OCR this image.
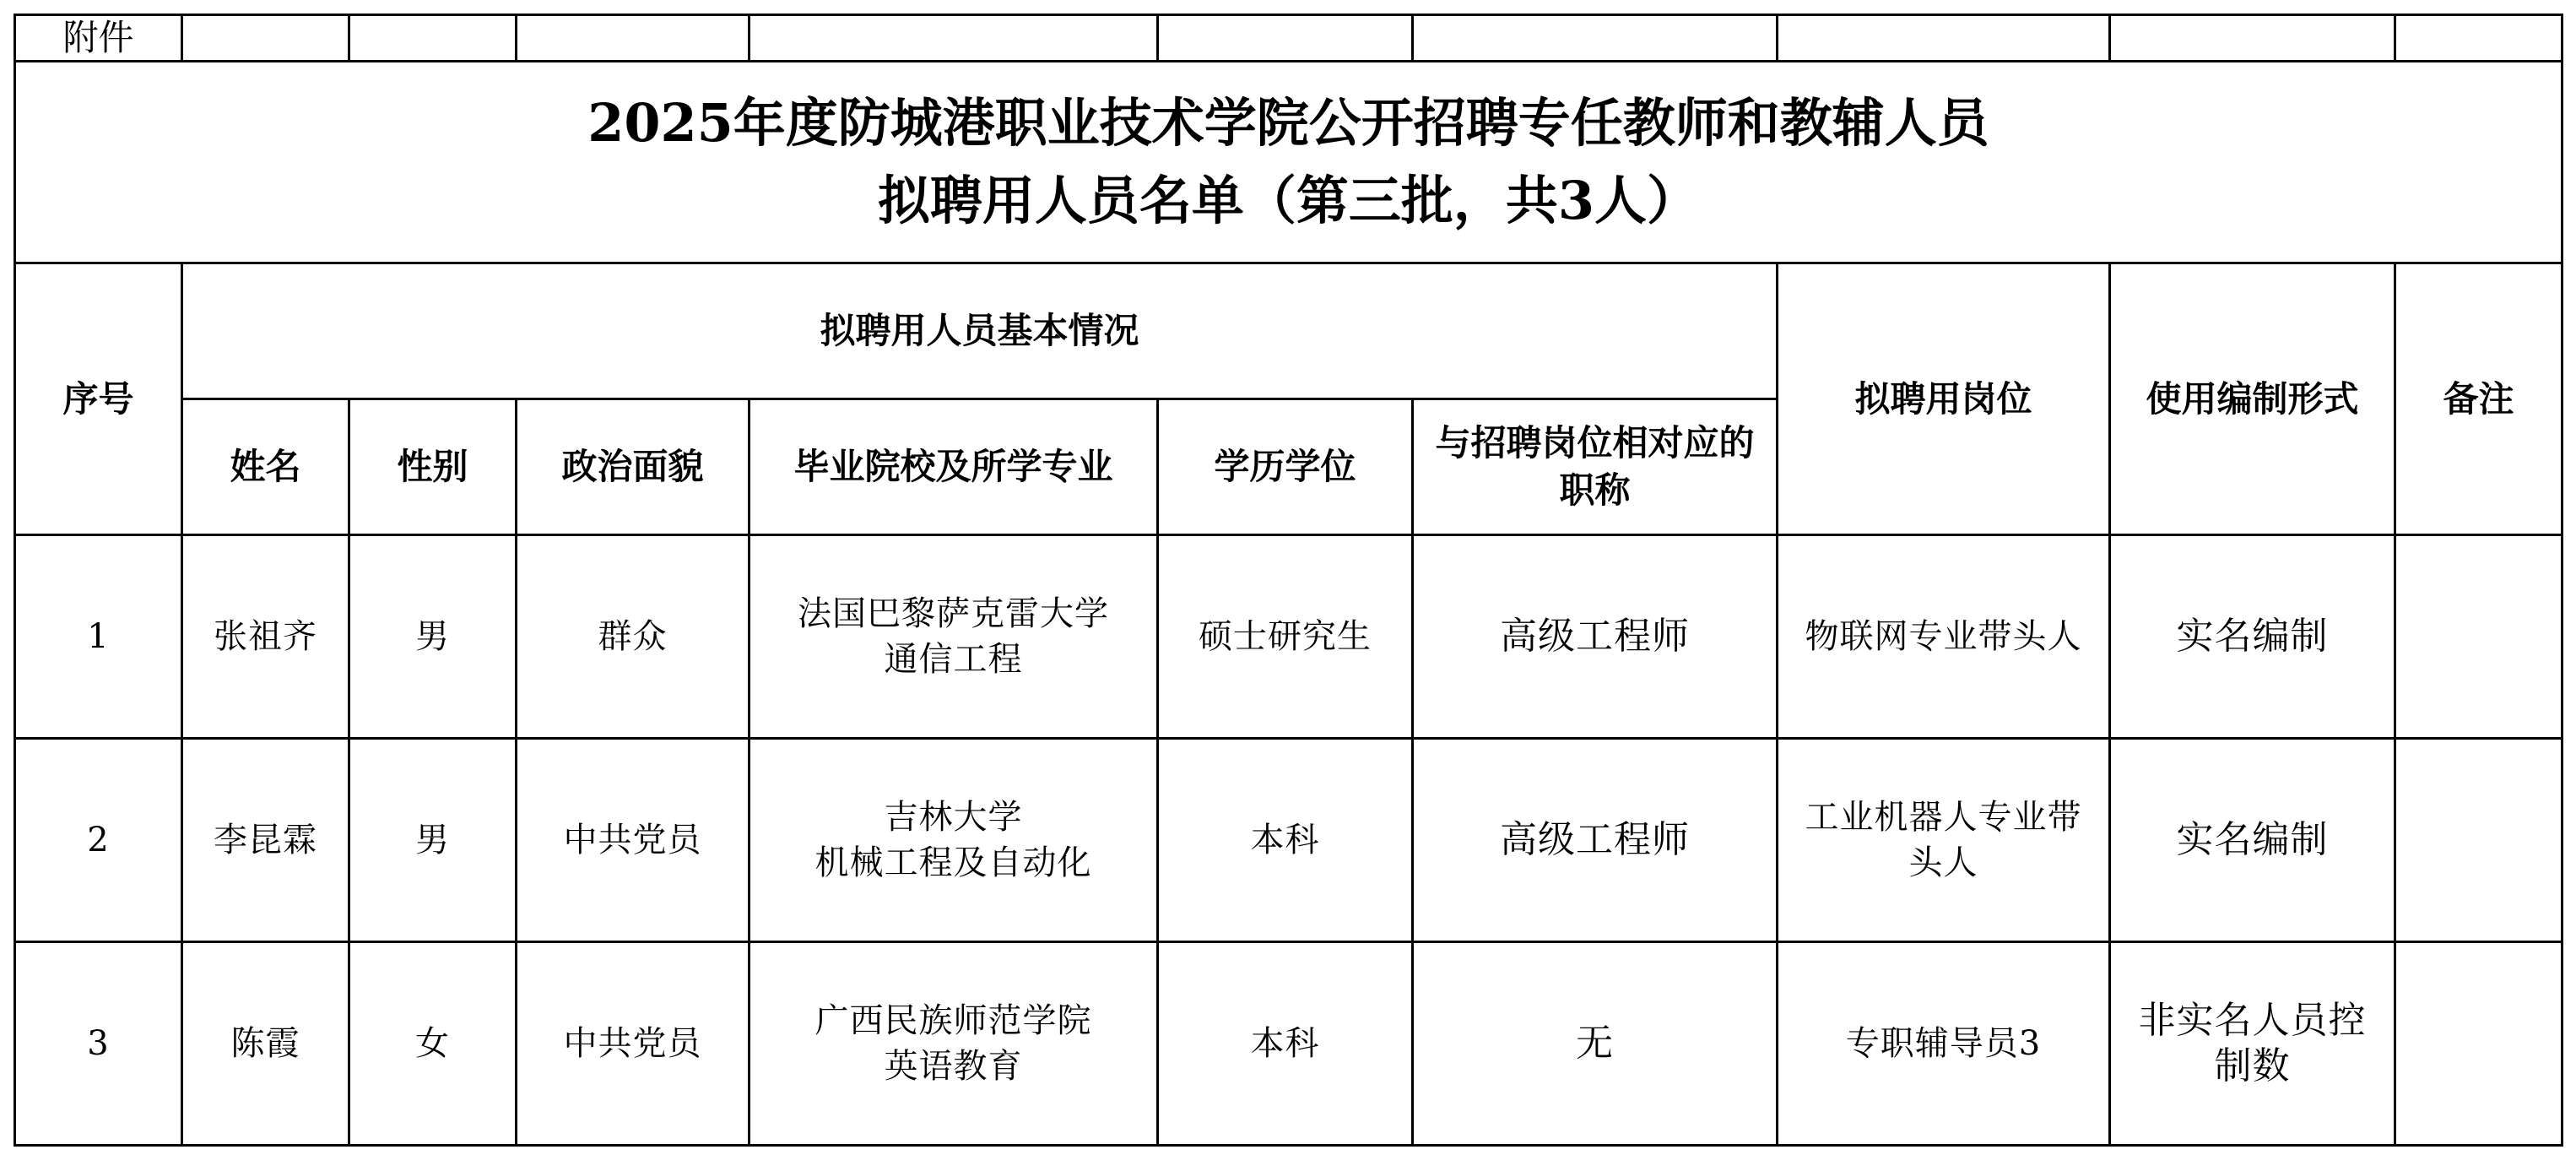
附件									

2025年度防城港职业技术学院公开招聘专任教师和教辅人员
拟聘用人员名单（第三批，共3人）									

序号	拟聘用人员基本情况						拟聘用岗位	使用编制形式	备注

	姓名	性别	政治面貌	毕业院校及所学专业	学历学位	与招聘岗位相对应的
职称			

1	张祖齐	男	群众	法国巴黎萨克雷大学
通信工程	硕士研究生	高级工程师	物联网专业带头人	实名编制	

2	李昆霖	男	中共党员	吉林大学
机械工程及自动化	本科	高级工程师	工业机器人专业带
头人	实名编制	

3	陈霞	女	中共党员	广西民族师范学院
英语教育	本科	无	专职辅导员3	非实名人员控
制数	
